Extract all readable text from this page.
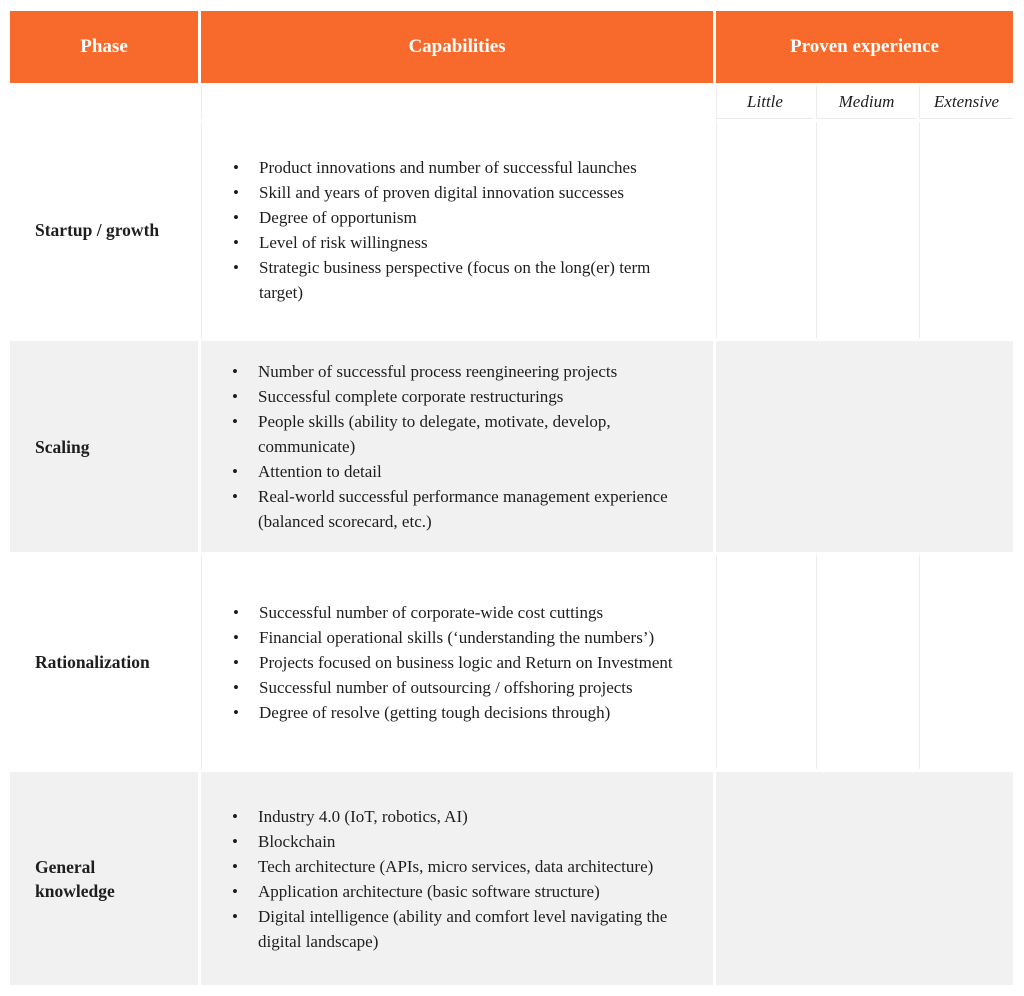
Phase	Capabilities	Proven experience		
		Little	Medium	Extensive
Startup / growth	
• Product innovations and number of successful launches
• Skill and years of proven digital innovation successes
• Degree of opportunism
• Level of risk willingness
• Strategic business perspective (focus on the long(er) term target)

Scaling	
• Number of successful process reengineering projects
• Successful complete corporate restructurings
• People skills (ability to delegate, motivate, develop, communicate)
• Attention to detail
• Real-world successful performance management experience (balanced scorecard, etc.)

Rationalization	
• Successful number of corporate-wide cost cuttings
• Financial operational skills (‘understanding the numbers’)
• Projects focused on business logic and Return on Investment
• Successful number of outsourcing / offshoring projects
• Degree of resolve (getting tough decisions through)

General knowledge	
• Industry 4.0 (IoT, robotics, AI)
• Blockchain
• Tech architecture (APIs, micro services, data architecture)
• Application architecture (basic software structure)
• Digital intelligence (ability and comfort level navigating the digital landscape)
